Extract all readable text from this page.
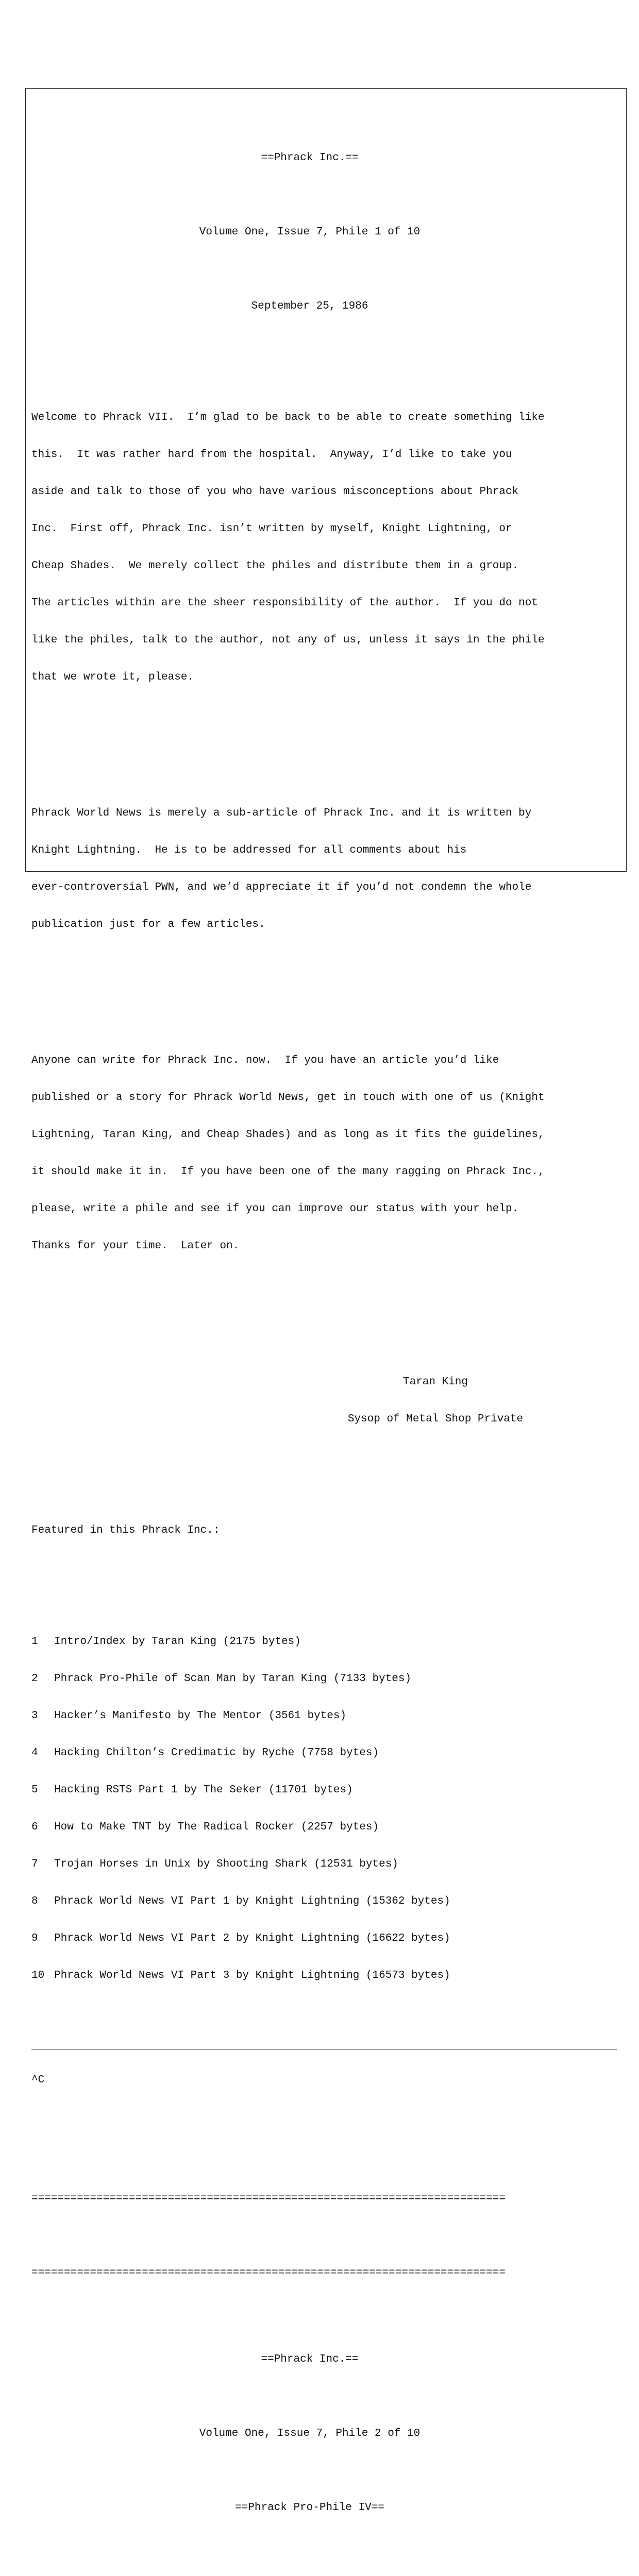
==Phrack Inc.==

Volume One, Issue 7, Phile 1 of 10

September 25, 1986

Welcome to Phrack VII.  I’m glad to be back to be able to create something like

this.  It was rather hard from the hospital.  Anyway, I’d like to take you

aside and talk to those of you who have various misconceptions about Phrack

Inc.  First off, Phrack Inc. isn’t written by myself, Knight Lightning, or

Cheap Shades.  We merely collect the philes and distribute them in a group.

The articles within are the sheer responsibility of the author.  If you do not

like the philes, talk to the author, not any of us, unless it says in the phile

that we wrote it, please.

Phrack World News is merely a sub-article of Phrack Inc. and it is written by

Knight Lightning.  He is to be addressed for all comments about his

ever-controversial PWN, and we’d appreciate it if you’d not condemn the whole

publication just for a few articles.

Anyone can write for Phrack Inc. now.  If you have an article you’d like

published or a story for Phrack World News, get in touch with one of us (Knight

Lightning, Taran King, and Cheap Shades) and as long as it fits the guidelines,

it should make it in.  If you have been one of the many ragging on Phrack Inc.,

please, write a phile and see if you can improve our status with your help.

Thanks for your time.  Later on.

Taran King

Sysop of Metal Shop Private

Featured in this Phrack Inc.:

1 Intro/Index by Taran King (2175 bytes)

2 Phrack Pro-Phile of Scan Man by Taran King (7133 bytes)

3 Hacker’s Manifesto by The Mentor (3561 bytes)

4 Hacking Chilton’s Credimatic by Ryche (7758 bytes)

5 Hacking RSTS Part 1 by The Seker (11701 bytes)

6 How to Make TNT by The Radical Rocker (2257 bytes)

7 Trojan Horses in Unix by Shooting Shark (12531 bytes)

8 Phrack World News VI Part 1 by Knight Lightning (15362 bytes)

9 Phrack World News VI Part 2 by Knight Lightning (16622 bytes)

10 Phrack World News VI Part 3 by Knight Lightning (16573 bytes)

^C

=========================================================================

=========================================================================

==Phrack Inc.==

Volume One, Issue 7, Phile 2 of 10

==Phrack Pro-Phile IV==
